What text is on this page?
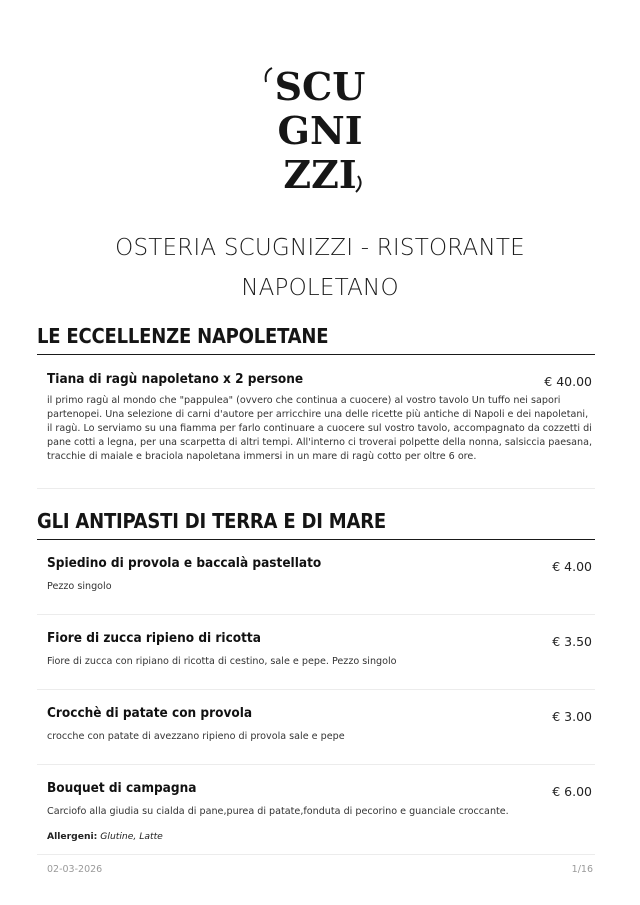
SCU
GNI
ZZI
OSTERIA SCUGNIZZI - RISTORANTE NAPOLETANO
LE ECCELLENZE NAPOLETANE
Tiana di ragù napoletano x 2 persone	€ 40.00
il primo ragù al mondo che "pappulea" (ovvero che continua a cuocere) al vostro tavolo Un tuffo nei sapori partenopei. Una selezione di carni d'autore per arricchire una delle ricette più antiche di Napoli e dei napoletani, il ragù. Lo serviamo su una fiamma per farlo continuare a cuocere sul vostro tavolo, accompagnato da cozzetti di pane cotti a legna, per una scarpetta di altri tempi. All'interno ci troverai polpette della nonna, salsiccia paesana, tracchie di maiale e braciola napoletana immersi in un mare di ragù cotto per oltre 6 ore.
GLI ANTIPASTI DI TERRA E DI MARE
Spiedino di provola e baccalà pastellato	€ 4.00
Pezzo singolo
Fiore di zucca ripieno di ricotta	€ 3.50
Fiore di zucca con ripiano di ricotta di cestino, sale e pepe. Pezzo singolo
Crocchè di patate con provola	€ 3.00
crocche con patate di avezzano ripieno di provola sale e pepe
Bouquet di campagna	€ 6.00
Carciofo alla giudia su cialda di pane,purea di patate,fonduta di pecorino e guanciale croccante.
Allergeni: Glutine, Latte
02-03-2026	1/16
